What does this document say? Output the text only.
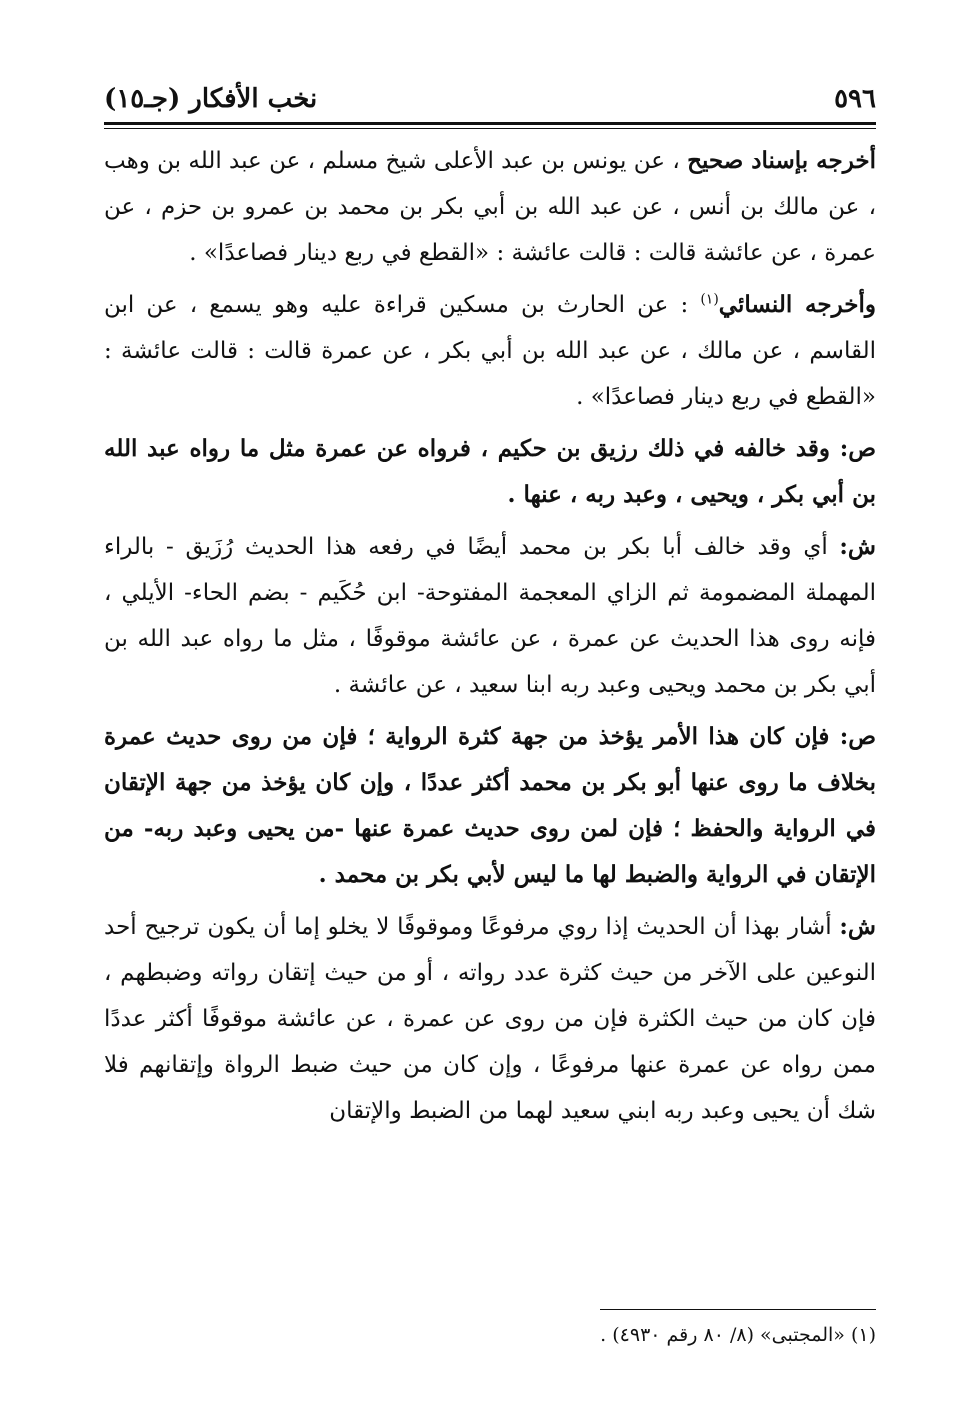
٥٩٦
نخب الأفكار (جـ١٥)

أخرجه بإسناد صحيح ، عن يونس بن عبد الأعلى شيخ مسلم ، عن عبد الله بن وهب ، عن مالك بن أنس ، عن عبد الله بن أبي بكر بن محمد بن عمرو بن حزم ، عن عمرة ، عن عائشة قالت : قالت عائشة : «القطع في ربع دينار فصاعدًا» .

وأخرجه النسائي$^{(١)}$ : عن الحارث بن مسكين قراءة عليه وهو يسمع ، عن ابن القاسم ، عن مالك ، عن عبد الله بن أبي بكر ، عن عمرة قالت : قالت عائشة : «القطع في ربع دينار فصاعدًا» .

ص: وقد خالفه في ذلك رزيق بن حكيم ، فرواه عن عمرة مثل ما رواه عبد الله بن أبي بكر ، ويحيى ، وعبد ربه ، عنها .

ش: أي وقد خالف أبا بكر بن محمد أيضًا في رفعه هذا الحديث رُزَيق - بالراء المهملة المضمومة ثم الزاي المعجمة المفتوحة- ابن حُكَيم - بضم الحاء- الأيلي ، فإنه روى هذا الحديث عن عمرة ، عن عائشة موقوفًا ، مثل ما رواه عبد الله بن أبي بكر بن محمد ويحيى وعبد ربه ابنا سعيد ، عن عائشة .

ص: فإن كان هذا الأمر يؤخذ من جهة كثرة الرواية ؛ فإن من روى حديث عمرة بخلاف ما روى عنها أبو بكر بن محمد أكثر عددًا ، وإن كان يؤخذ من جهة الإتقان في الرواية والحفظ ؛ فإن لمن روى حديث عمرة عنها -من يحيى وعبد ربه- من الإتقان في الرواية والضبط لها ما ليس لأبي بكر بن محمد .

ش: أشار بهذا أن الحديث إذا روي مرفوعًا وموقوفًا لا يخلو إما أن يكون ترجيح أحد النوعين على الآخر من حيث كثرة عدد رواته ، أو من حيث إتقان رواته وضبطهم ، فإن كان من حيث الكثرة فإن من روى عن عمرة ، عن عائشة موقوفًا أكثر عددًا ممن رواه عن عمرة عنها مرفوعًا ، وإن كان من حيث ضبط الرواة وإتقانهم فلا شك أن يحيى وعبد ربه ابني سعيد لهما من الضبط والإتقان

(١) «المجتبى» (٨/ ٨٠ رقم ٤٩٣٠) .
